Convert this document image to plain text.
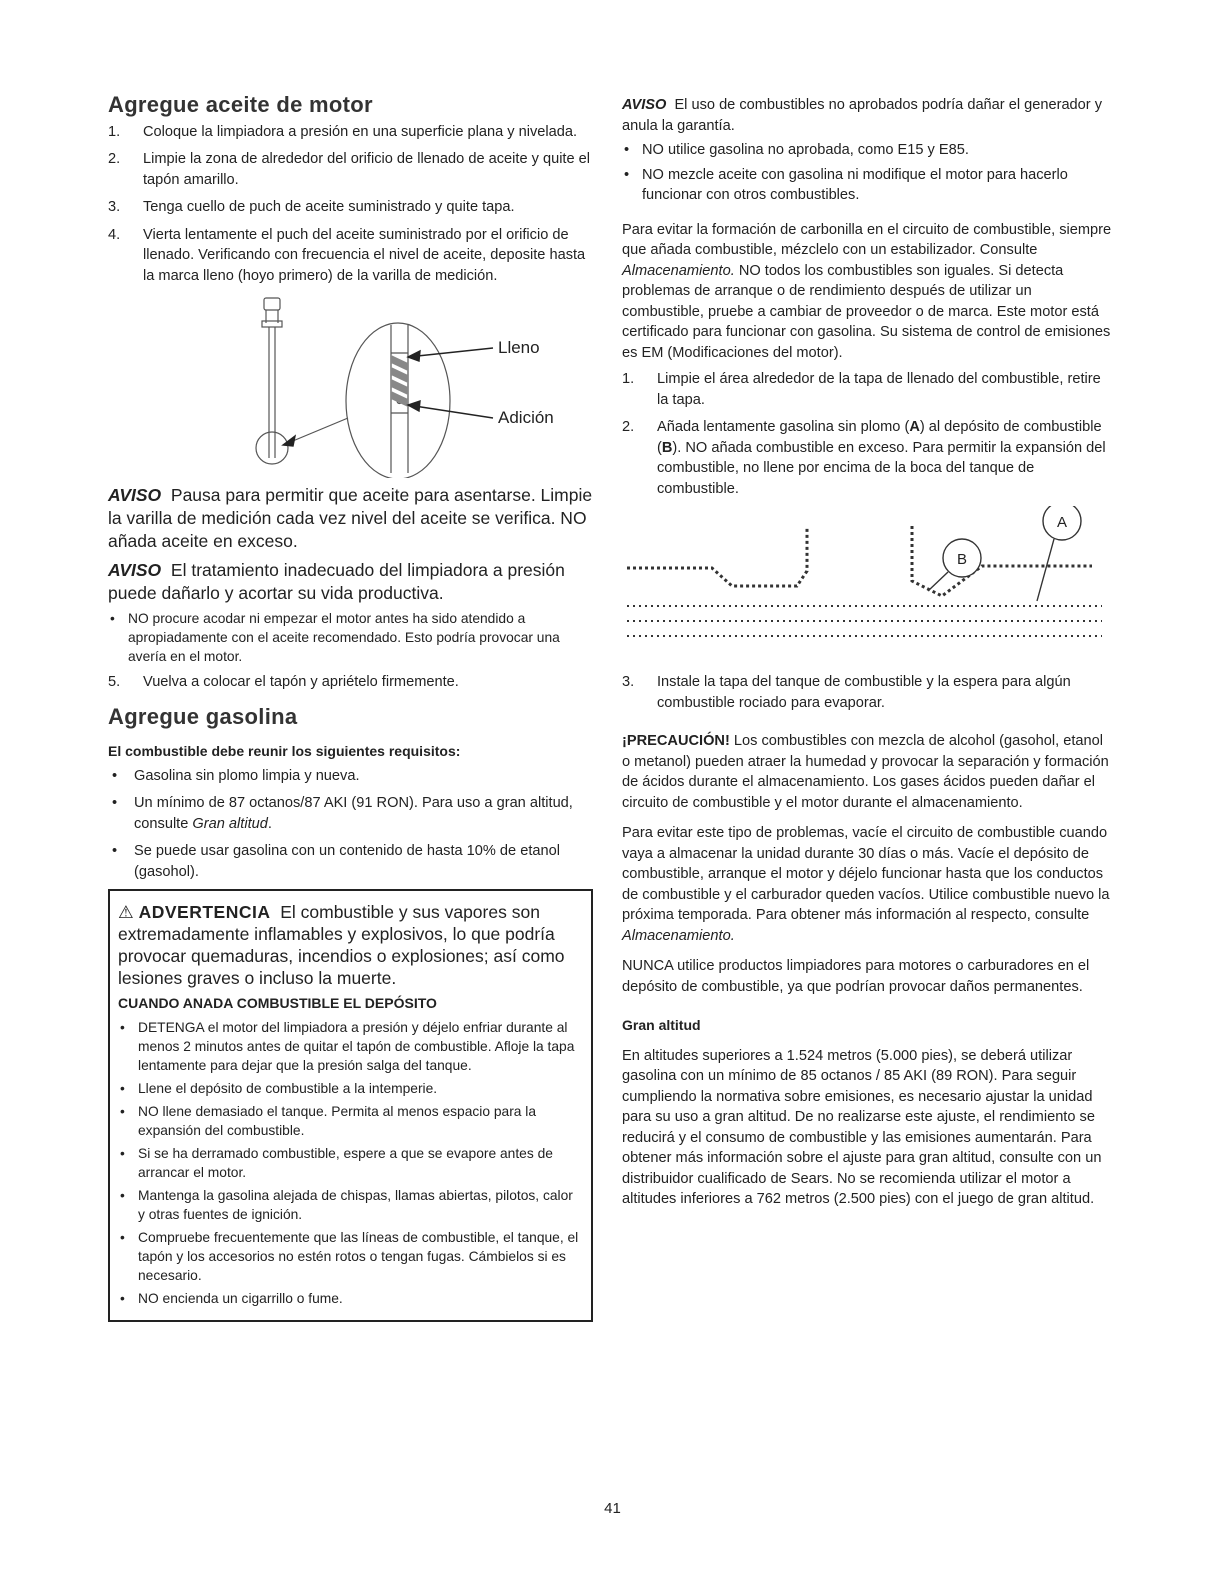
Agregue aceite de motor
1. Coloque la limpiadora a presión en una superficie plana y nivelada.
2. Limpie la zona de alrededor del orificio de llenado de aceite y quite el tapón amarillo.
3. Tenga cuello de puch de aceite suministrado y quite tapa.
4. Vierta lentamente el puch del aceite suministrado por el orificio de llenado. Verificando con frecuencia el nivel de aceite, deposite hasta la marca lleno (hoyo primero) de la varilla de medición.
Lleno
Adición

AVISO Pausa para permitir que aceite para asentarse. Limpie la varilla de medición cada vez nivel del aceite se verifica. NO añada aceite en exceso.

AVISO El tratamiento inadecuado del limpiadora a presión puede dañarlo y acortar su vida productiva.

• NO procure acodar ni empezar el motor antes ha sido atendido a apropiadamente con el aceite recomendado. Esto podría provocar una avería en el motor.
5. Vuelva a colocar el tapón y apriételo firmemente.
Agregue gasolina
El combustible debe reunir los siguientes requisitos:
• Gasolina sin plomo limpia y nueva.
• Un mínimo de 87 octanos/87 AKI (91 RON). Para uso a gran altitud, consulte Gran altitud.
• Se puede usar gasolina con un contenido de hasta 10% de etanol (gasohol).
⚠ ADVERTENCIA El combustible y sus vapores son extremadamente inflamables y explosivos, lo que podría provocar quemaduras, incendios o explosiones; así como lesiones graves o incluso la muerte.
CUANDO ANADA COMBUSTIBLE EL DEPÓSITO
• DETENGA el motor del limpiadora a presión y déjelo enfriar durante al menos 2 minutos antes de quitar el tapón de combustible. Afloje la tapa lentamente para dejar que la presión salga del tanque.
• Llene el depósito de combustible a la intemperie.
• NO llene demasiado el tanque. Permita al menos espacio para la expansión del combustible.
• Si se ha derramado combustible, espere a que se evapore antes de arrancar el motor.
• Mantenga la gasolina alejada de chispas, llamas abiertas, pilotos, calor y otras fuentes de ignición.
• Compruebe frecuentemente que las líneas de combustible, el tanque, el tapón y los accesorios no estén rotos o tengan fugas. Cámbielos si es necesario.
• NO encienda un cigarrillo o fume.

AVISO El uso de combustibles no aprobados podría dañar el generador y anula la garantía.

• NO utilice gasolina no aprobada, como E15 y E85.
• NO mezcle aceite con gasolina ni modifique el motor para hacerlo funcionar con otros combustibles.

Para evitar la formación de carbonilla en el circuito de combustible, siempre que añada combustible, mézclelo con un estabilizador. Consulte Almacenamiento. NO todos los combustibles son iguales. Si detecta problemas de arranque o de rendimiento después de utilizar un combustible, pruebe a cambiar de proveedor o de marca. Este motor está certificado para funcionar con gasolina. Su sistema de control de emisiones es EM (Modificaciones del motor).

1. Limpie el área alrededor de la tapa de llenado del combustible, retire la tapa.
2. Añada lentamente gasolina sin plomo (A) al depósito de combustible (B). NO añada combustible en exceso. Para permitir la expansión del combustible, no llene por encima de la boca del tanque de combustible.
B
A
3. Instale la tapa del tanque de combustible y la espera para algún combustible rociado para evaporar.

¡PRECAUCIÓN! Los combustibles con mezcla de alcohol (gasohol, etanol o metanol) pueden atraer la humedad y provocar la separación y formación de ácidos durante el almacenamiento. Los gases ácidos pueden dañar el circuito de combustible y el motor durante el almacenamiento.

Para evitar este tipo de problemas, vacíe el circuito de combustible cuando vaya a almacenar la unidad durante 30 días o más. Vacíe el depósito de combustible, arranque el motor y déjelo funcionar hasta que los conductos de combustible y el carburador queden vacíos. Utilice combustible nuevo la próxima temporada. Para obtener más información al respecto, consulte Almacenamiento.

NUNCA utilice productos limpiadores para motores o carburadores en el depósito de combustible, ya que podrían provocar daños permanentes.

Gran altitud

En altitudes superiores a 1.524 metros (5.000 pies), se deberá utilizar gasolina con un mínimo de 85 octanos / 85 AKI (89 RON). Para seguir cumpliendo la normativa sobre emisiones, es necesario ajustar la unidad para su uso a gran altitud. De no realizarse este ajuste, el rendimiento se reducirá y el consumo de combustible y las emisiones aumentarán. Para obtener más información sobre el ajuste para gran altitud, consulte con un distribuidor cualificado de Sears. No se recomienda utilizar el motor a altitudes inferiores a 762 metros (2.500 pies) con el juego de gran altitud.

41
